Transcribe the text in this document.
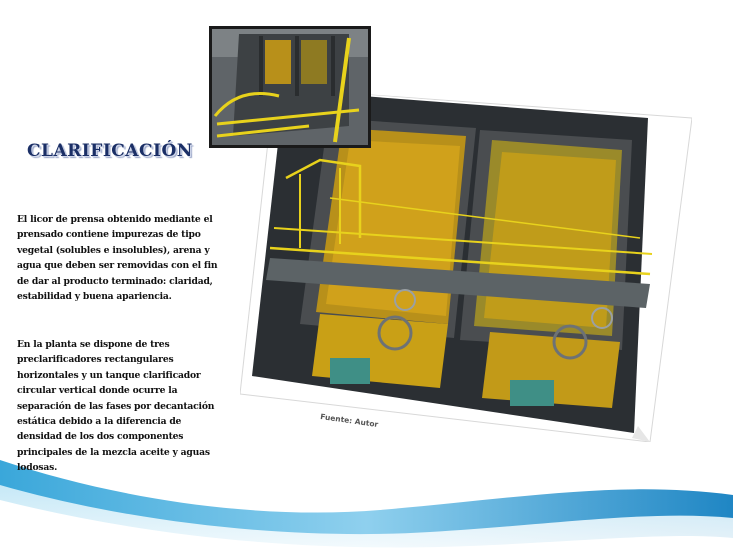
CLARIFICACIÓN

El licor de prensa obtenido mediante el prensado contiene impurezas de tipo vegetal (solubles e insolubles), arena y agua que deben ser removidas con el fin de dar al producto terminado: claridad, estabilidad y buena apariencia.

En la planta se dispone de tres preclarificadores rectangulares horizontales y un tanque clarificador circular vertical donde ocurre la separación de las fases por decantación estática debido a la diferencia de densidad de los dos componentes principales de la mezcla aceite y aguas lodosas.

Fuente: Autor
